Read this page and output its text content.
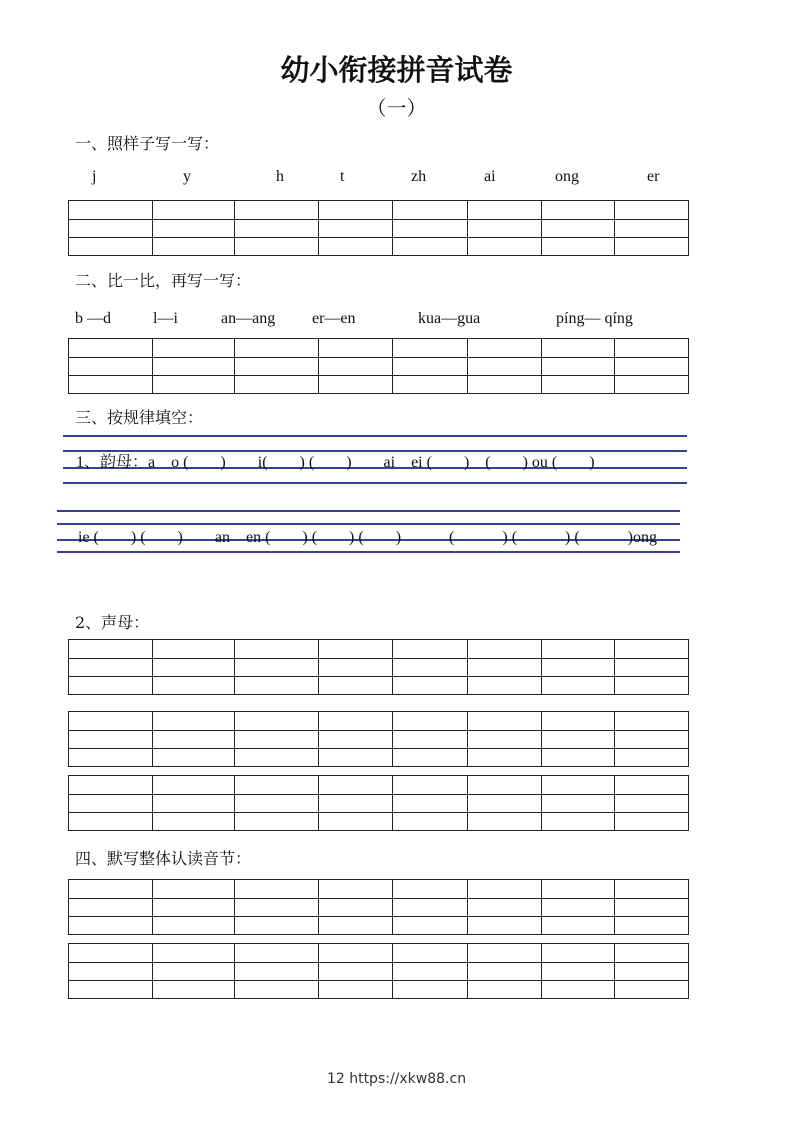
幼小衔接拼音试卷
（一）
一、照样子写一写：
j	y	h	t	zh	ai	ong	er
二、比一比，再写一写：
b —d	l—i	an—ang er—en	kua—gua	píng— qíng
三、按规律填空：
1、韵母：a　o (　　)　　i(　　) (　　)　　ai　ei (　　)　(　　) ou (　　)
ie (　　) (　　)　　an　en (　　) (　　) (　　)　　　(　　　) (　　　) (　　　)ong
2、声母：
四、默写整体认读音节：
12 https://xkw88.cn
